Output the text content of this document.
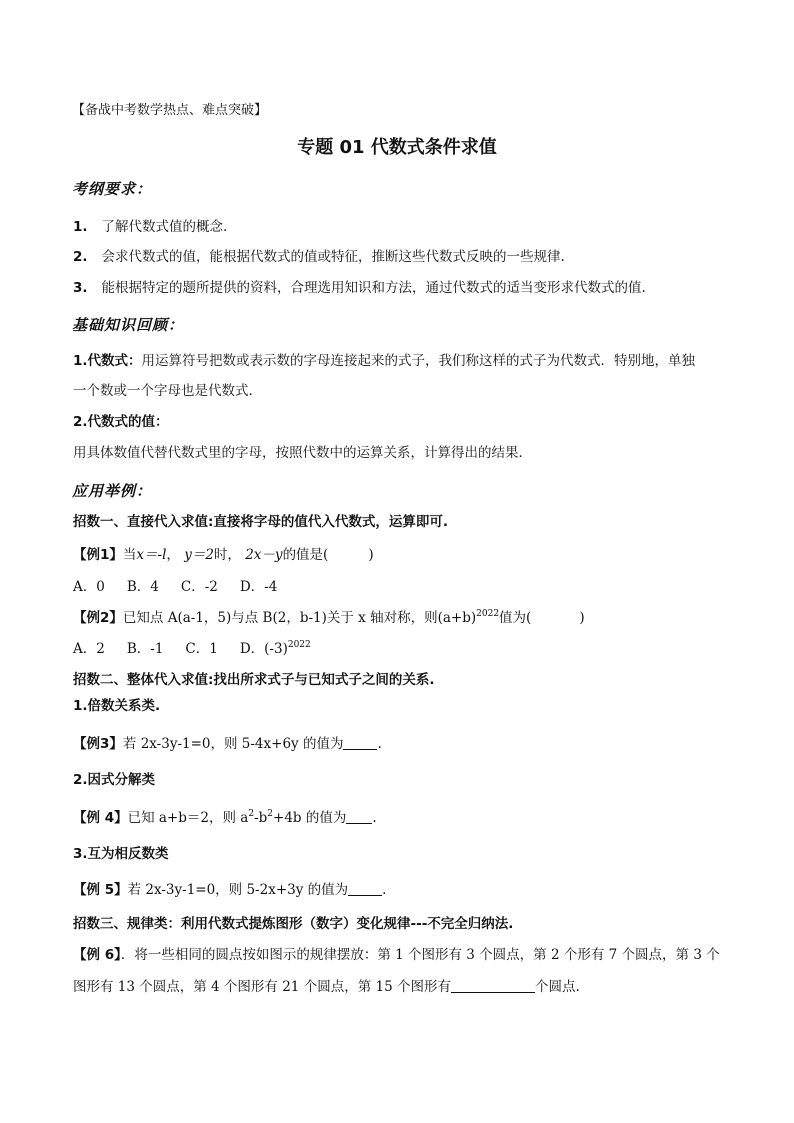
【备战中考数学热点、难点突破】
专题 01 代数式条件求值
考纲要求：
1. 了解代数式值的概念.
2. 会求代数式的值，能根据代数式的值或特征，推断这些代数式反映的一些规律.
3. 能根据特定的题所提供的资料，合理选用知识和方法，通过代数式的适当变形求代数式的值.
基础知识回顾：
1.代数式：用运算符号把数或表示数的字母连接起来的式子，我们称这样的式子为代数式．特别地，单独
一个数或一个字母也是代数式．
2.代数式的值：
用具体数值代替代数式里的字母，按照代数中的运算关系，计算得出的结果．
应用举例：
招数一、直接代入求值:直接将字母的值代入代数式，运算即可.
【例1】当x＝-l， y＝2时， 2x－y的值是(	)
A．0 B．4 C．-2 D．-4
【例2】已知点 A(a-1，5)与点 B(2，b-1)关于 x 轴对称，则$(a+b)^{2022}$值为(	)
A．2 B．-1 C．1 D．$(-3)^{2022}$
招数二、整体代入求值:找出所求式子与已知式子之间的关系.
1.倍数关系类.
【例3】若 2x-3y-1=0，则 5-4x+6y 的值为	.
2.因式分解类
【例 4】已知 a+b＝2，则 $a^2-b^2+4b$ 的值为 .
3.互为相反数类
【例 5】若 2x-3y-1=0，则 5-2x+3y 的值为	.
招数三、规律类：利用代数式提炼图形（数字）变化规律---不完全归纳法.
【例 6】．将一些相同的圆点按如图示的规律摆放：第 1 个图形有 3 个圆点，第 2 个形有 7 个圆点，第 3 个
图形有 13 个圆点，第 4 个图形有 21 个圆点，第 15 个图形有	个圆点.
